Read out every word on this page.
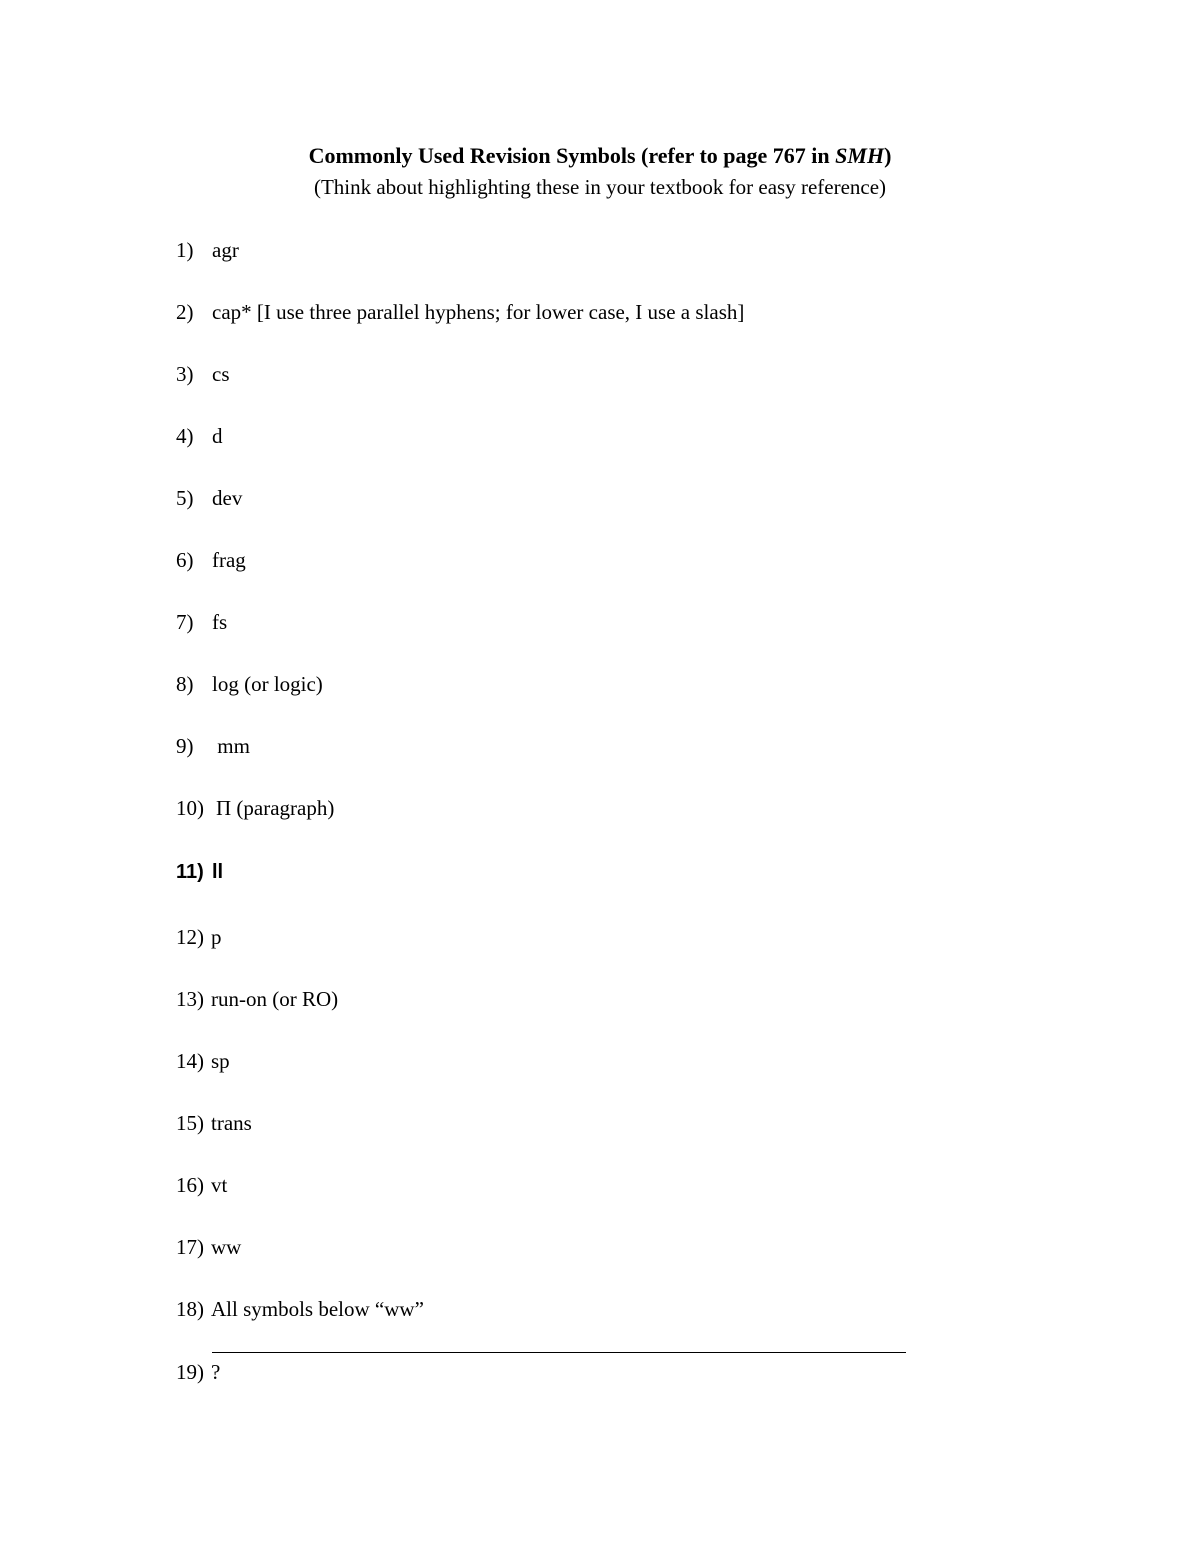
Commonly Used Revision Symbols (refer to page 767 in SMH)
(Think about highlighting these in your textbook for easy reference)
1) agr
2) cap* [I use three parallel hyphens; for lower case, I use a slash]
3) cs
4) d
5) dev
6) frag
7) fs
8) log (or logic)
9) mm
10) Π (paragraph)
11) ll
12) p
13) run-on (or RO)
14) sp
15) trans
16) vt
17) ww
18) All symbols below “ww”
19) ?
